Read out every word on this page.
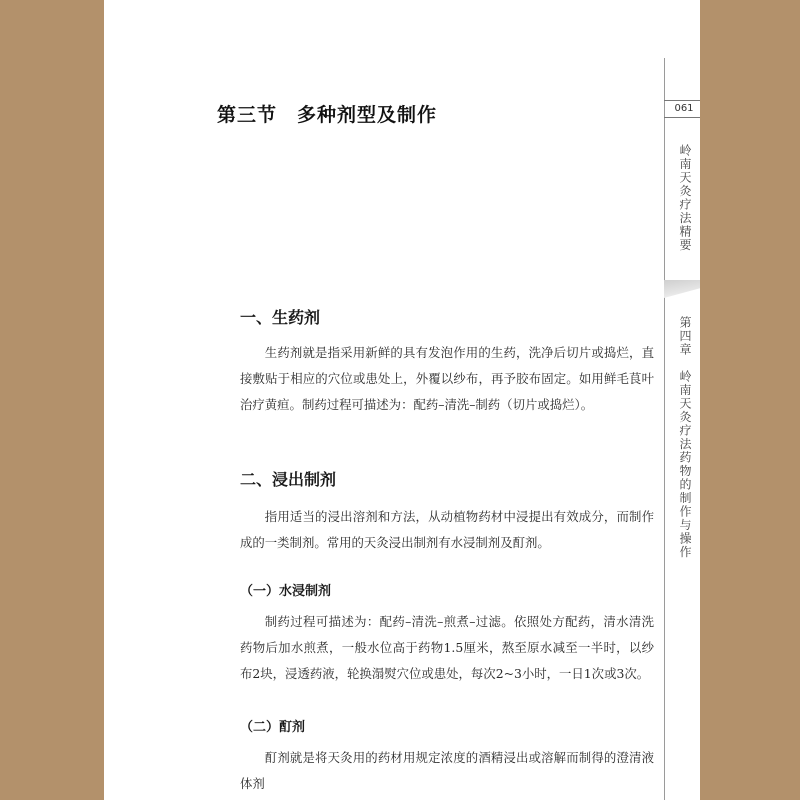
第三节　多种剂型及制作
一、生药剂

生药剂就是指采用新鲜的具有发泡作用的生药，洗净后切片或捣烂，直接敷贴于相应的穴位或患处上，外覆以纱布，再予胶布固定。如用鲜毛茛叶治疗黄疸。制药过程可描述为：配药–清洗–制药（切片或捣烂）。

二、浸出制剂

指用适当的浸出溶剂和方法，从动植物药材中浸提出有效成分，而制作成的一类制剂。常用的天灸浸出制剂有水浸制剂及酊剂。

（一）水浸制剂

制药过程可描述为：配药–清洗–煎煮–过滤。依照处方配药，清水清洗药物后加水煎煮，一般水位高于药物1.5厘米，熬至原水减至一半时，以纱布2块，浸透药液，轮换溻熨穴位或患处，每次2~3小时，一日1次或3次。

（二）酊剂

酊剂就是将天灸用的药材用规定浓度的酒精浸出或溶解而制得的澄清液体剂

061
岭南天灸疗法精要
第四章　岭南天灸疗法药物的制作与操作
